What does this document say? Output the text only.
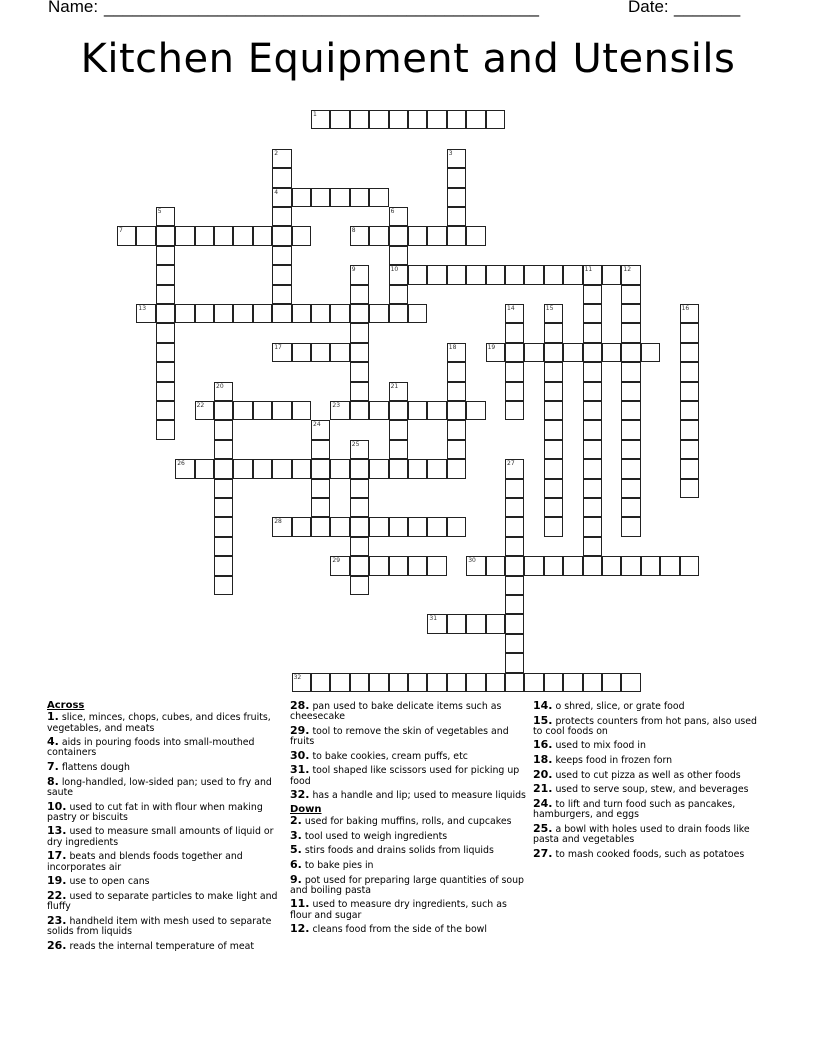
Name: ______________________________________________	Date: _______
Kitchen Equipment and Utensils
1
2
4
3
5	6
10
7	8
9	11	12
13	14	15	16
17	18	19
20	21
22	23
24
25
26	27
28
29	30
31
32
Across
1. slice, minces, chops, cubes, and dices fruits, vegetables, and meats
4. aids in pouring foods into small-mouthed containers
7. flattens dough
8. long-handled, low-sided pan; used to fry and saute
10. used to cut fat in with flour when making pastry or biscuits
13. used to measure small amounts of liquid or dry ingredients
17. beats and blends foods together and incorporates air
19. use to open cans
22. used to separate particles to make light and fluffy
23. handheld item with mesh used to separate solids from liquids
26. reads the internal temperature of meat
28. pan used to bake delicate items such as cheesecake
29. tool to remove the skin of vegetables and fruits
30. to bake cookies, cream puffs, etc
31. tool shaped like scissors used for picking up food
32. has a handle and lip; used to measure liquids
Down
2. used for baking muffins, rolls, and cupcakes
3. tool used to weigh ingredients
5. stirs foods and drains solids from liquids
6. to bake pies in
9. pot used for preparing large quantities of soup and boiling pasta
11. used to measure dry ingredients, such as flour and sugar
12. cleans food from the side of the bowl
14. o shred, slice, or grate food
15. protects counters from hot pans, also used to cool foods on
16. used to mix food in
18. keeps food in frozen forn
20. used to cut pizza as well as other foods
21. used to serve soup, stew, and beverages
24. to lift and turn food such as pancakes, hamburgers, and eggs
25. a bowl with holes used to drain foods like pasta and vegetables
27. to mash cooked foods, such as potatoes
